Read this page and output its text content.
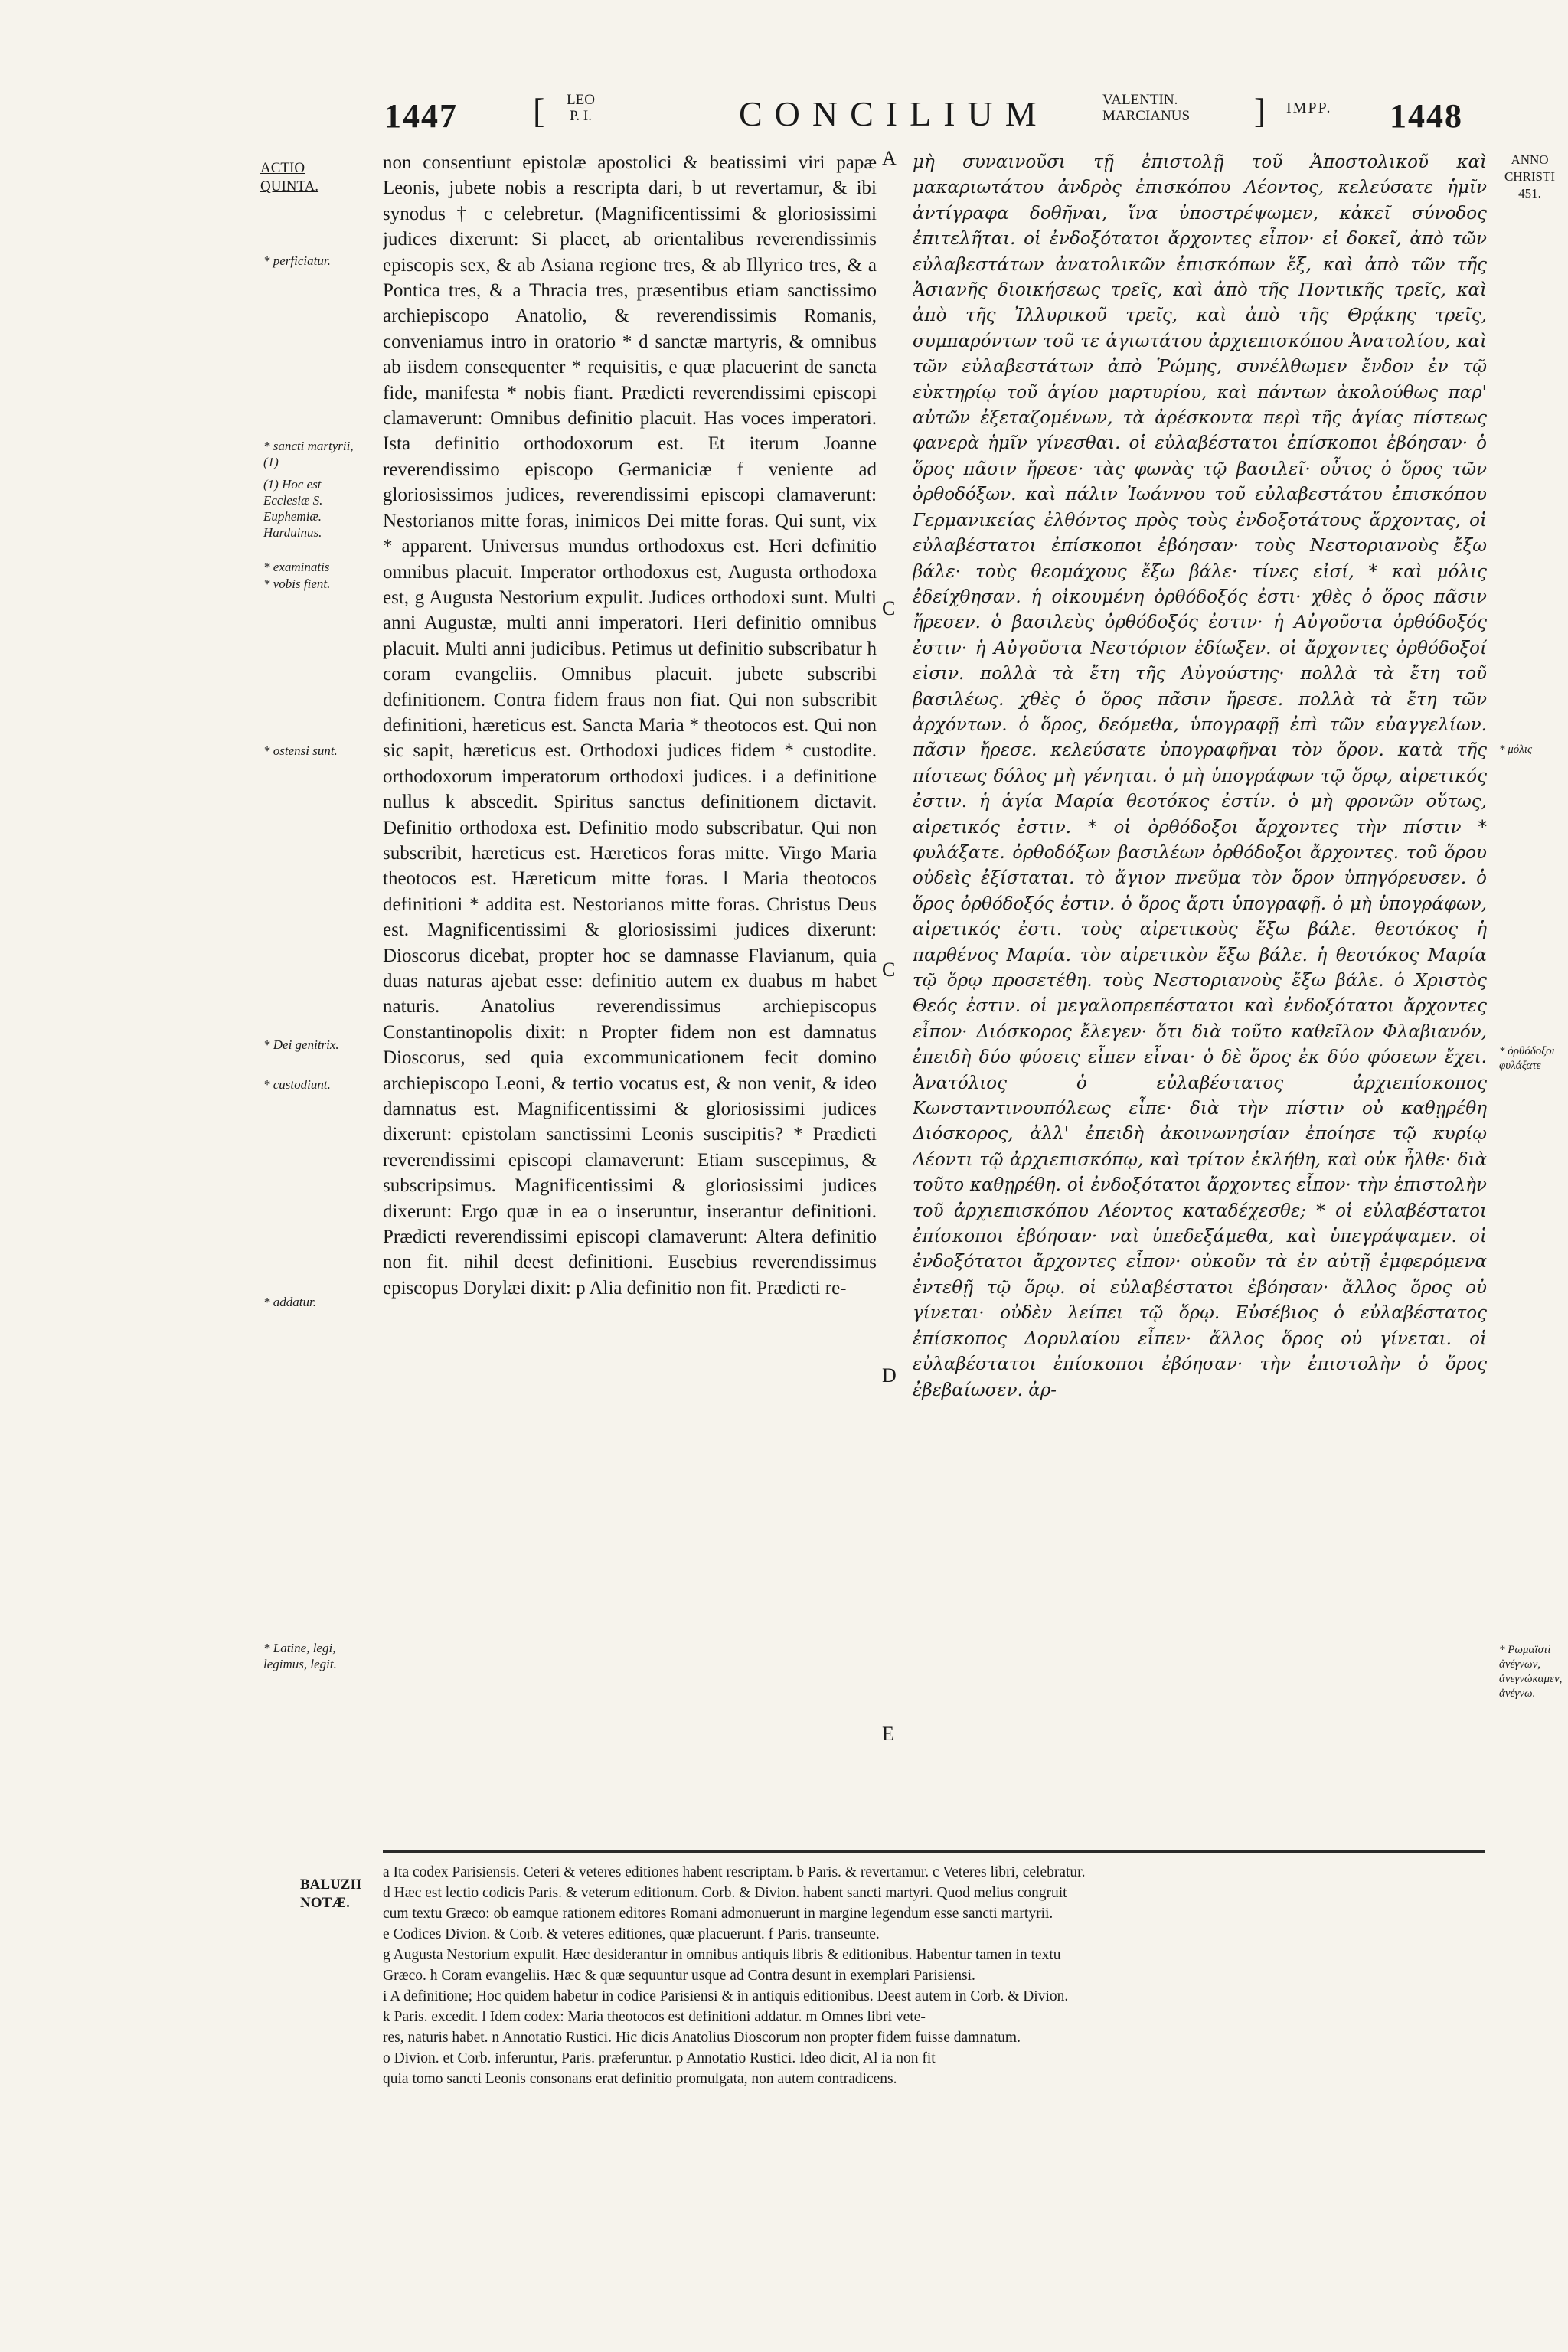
1447 [ LEO
P. I.	CONCILIUM	VALENTIN.
MARCIANUS ] IMPP. 1448
ACTIO
QUINTA.
ANNO
CHRISTI
451.
* perficiatur.
* sancti martyrii, (1)
(1) Hoc est Ecclesiæ S. Euphemiæ. Harduinus.
* examinatis
* vobis fient.
* ostensi sunt.
* Dei genitrix.
* custodiunt.
* addatur.
* Latine, legi, legimus, legit.
* μόλις
* ὀρθόδοξοι φυλάξατε
* Ρωμαϊστὶ ἀνέγνων, ἀνεγνώκαμεν, ἀνέγνω.
A
C
C
D
E

non consentiunt epistolæ apostolici & beatissimi viri papæ Leonis, jubete nobis a rescripta dari, b ut revertamur, & ibi synodus † c celebretur. (Magnificentissimi & gloriosissimi judices dixerunt: Si placet, ab orientalibus reverendissimis episcopis sex, & ab Asiana regione tres, & ab Illyrico tres, & a Pontica tres, & a Thracia tres, præsentibus etiam sanctissimo archiepiscopo Anatolio, & reverendissimis Romanis, conveniamus intro in oratorio * d sanctæ martyris, & omnibus ab iisdem consequenter * requisitis, e quæ placuerint de sancta fide, manifesta * nobis fiant. Prædicti reverendissimi episcopi clamaverunt: Omnibus definitio placuit. Has voces imperatori. Ista definitio orthodoxorum est. Et iterum Joanne reverendissimo episcopo Germaniciæ f veniente ad gloriosissimos judices, reverendissimi episcopi clamaverunt: Nestorianos mitte foras, inimicos Dei mitte foras. Qui sunt, vix * apparent. Universus mundus orthodoxus est. Heri definitio omnibus placuit. Imperator orthodoxus est, Augusta orthodoxa est, g Augusta Nestorium expulit. Judices orthodoxi sunt. Multi anni Augustæ, multi anni imperatori. Heri definitio omnibus placuit. Multi anni judicibus. Petimus ut definitio subscribatur h coram evangeliis. Omnibus placuit. jubete subscribi definitionem. Contra fidem fraus non fiat. Qui non subscribit definitioni, hæreticus est. Sancta Maria * theotocos est. Qui non sic sapit, hæreticus est. Orthodoxi judices fidem * custodite. orthodoxorum imperatorum orthodoxi judices. i a definitione nullus k abscedit. Spiritus sanctus definitionem dictavit. Definitio orthodoxa est. Definitio modo subscribatur. Qui non subscribit, hæreticus est. Hæreticos foras mitte. Virgo Maria theotocos est. Hæreticum mitte foras. l Maria theotocos definitioni * addita est. Nestorianos mitte foras. Christus Deus est. Magnificentissimi & gloriosissimi judices dixerunt: Dioscorus dicebat, propter hoc se damnasse Flavianum, quia duas naturas ajebat esse: definitio autem ex duabus m habet naturis. Anatolius reverendissimus archiepiscopus Constantinopolis dixit: n Propter fidem non est damnatus Dioscorus, sed quia excommunicationem fecit domino archiepiscopo Leoni, & tertio vocatus est, & non venit, & ideo damnatus est. Magnificentissimi & gloriosissimi judices dixerunt: epistolam sanctissimi Leonis suscipitis? * Prædicti reverendissimi episcopi clamaverunt: Etiam suscepimus, & subscripsimus. Magnificentissimi & gloriosissimi judices dixerunt: Ergo quæ in ea o inseruntur, inserantur definitioni. Prædicti reverendissimi episcopi clamaverunt: Altera definitio non fit. nihil deest definitioni. Eusebius reverendissimus episcopus Dorylæi dixit: p Alia definitio non fit. Prædicti re-

μὴ συναινοῦσι τῇ ἐπιστολῇ τοῦ Ἀποστολικοῦ καὶ μακαριωτάτου ἀνδρὸς ἐπισκόπου Λέοντος, κελεύσατε ἡμῖν ἀντίγραφα δοθῆναι, ἵνα ὑποστρέψωμεν, κἀκεῖ σύνοδος ἐπιτελῆται. οἱ ἐνδοξότατοι ἄρχοντες εἶπον· εἰ δοκεῖ, ἀπὸ τῶν εὐλαβεστάτων ἀνατολικῶν ἐπισκόπων ἕξ, καὶ ἀπὸ τῶν τῆς Ἀσιανῆς διοικήσεως τρεῖς, καὶ ἀπὸ τῆς Ποντικῆς τρεῖς, καὶ ἀπὸ τῆς Ἰλλυρικοῦ τρεῖς, καὶ ἀπὸ τῆς Θρᾴκης τρεῖς, συμπαρόντων τοῦ τε ἁγιωτάτου ἀρχιεπισκόπου Ἀνατολίου, καὶ τῶν εὐλαβεστάτων ἀπὸ Ῥώμης, συνέλθωμεν ἔνδον ἐν τῷ εὐκτηρίῳ τοῦ ἁγίου μαρτυρίου, καὶ πάντων ἀκολούθως παρ' αὐτῶν ἐξεταζομένων, τὰ ἀρέσκοντα περὶ τῆς ἁγίας πίστεως φανερὰ ἡμῖν γίνεσθαι. οἱ εὐλαβέστατοι ἐπίσκοποι ἐβόησαν· ὁ ὅρος πᾶσιν ἤρεσε· τὰς φωνὰς τῷ βασιλεῖ· οὗτος ὁ ὅρος τῶν ὀρθοδόξων. καὶ πάλιν Ἰωάννου τοῦ εὐλαβεστάτου ἐπισκόπου Γερμανικείας ἐλθόντος πρὸς τοὺς ἐνδοξοτάτους ἄρχοντας, οἱ εὐλαβέστατοι ἐπίσκοποι ἐβόησαν· τοὺς Νεστοριανοὺς ἔξω βάλε· τοὺς θεομάχους ἔξω βάλε· τίνες εἰσί, * καὶ μόλις ἐδείχθησαν. ἡ οἰκουμένη ὀρθόδοξός ἐστι· χθὲς ὁ ὅρος πᾶσιν ἤρεσεν. ὁ βασιλεὺς ὀρθόδοξός ἐστιν· ἡ Αὐγοῦστα ὀρθόδοξός ἐστιν· ἡ Αὐγοῦστα Νεστόριον ἐδίωξεν. οἱ ἄρχοντες ὀρθόδοξοί εἰσιν. πολλὰ τὰ ἔτη τῆς Αὐγούστης· πολλὰ τὰ ἔτη τοῦ βασιλέως. χθὲς ὁ ὅρος πᾶσιν ἤρεσε. πολλὰ τὰ ἔτη τῶν ἀρχόντων. ὁ ὅρος, δεόμεθα, ὑπογραφῇ ἐπὶ τῶν εὐαγγελίων. πᾶσιν ἤρεσε. κελεύσατε ὑπογραφῆναι τὸν ὅρον. κατὰ τῆς πίστεως δόλος μὴ γένηται. ὁ μὴ ὑπογράφων τῷ ὅρῳ, αἱρετικός ἐστιν. ἡ ἁγία Μαρία θεοτόκος ἐστίν. ὁ μὴ φρονῶν οὕτως, αἱρετικός ἐστιν. * οἱ ὀρθόδοξοι ἄρχοντες τὴν πίστιν * φυλάξατε. ὀρθοδόξων βασιλέων ὀρθόδοξοι ἄρχοντες. τοῦ ὅρου οὐδεὶς ἐξίσταται. τὸ ἅγιον πνεῦμα τὸν ὅρον ὑπηγόρευσεν. ὁ ὅρος ὀρθόδοξός ἐστιν. ὁ ὅρος ἄρτι ὑπογραφῇ. ὁ μὴ ὑπογράφων, αἱρετικός ἐστι. τοὺς αἱρετικοὺς ἔξω βάλε. θεοτόκος ἡ παρθένος Μαρία. τὸν αἱρετικὸν ἔξω βάλε. ἡ θεοτόκος Μαρία τῷ ὅρῳ προσετέθη. τοὺς Νεστοριανοὺς ἔξω βάλε. ὁ Χριστὸς Θεός ἐστιν. οἱ μεγαλοπρεπέστατοι καὶ ἐνδοξότατοι ἄρχοντες εἶπον· Διόσκορος ἔλεγεν· ὅτι διὰ τοῦτο καθεῖλον Φλαβιανόν, ἐπειδὴ δύο φύσεις εἶπεν εἶναι· ὁ δὲ ὅρος ἐκ δύο φύσεων ἔχει. Ἀνατόλιος ὁ εὐλαβέστατος ἀρχιεπίσκοπος Κωνσταντινουπόλεως εἶπε· διὰ τὴν πίστιν οὐ καθῃρέθη Διόσκορος, ἀλλ' ἐπειδὴ ἀκοινωνησίαν ἐποίησε τῷ κυρίῳ Λέοντι τῷ ἀρχιεπισκόπῳ, καὶ τρίτον ἐκλήθη, καὶ οὐκ ἦλθε· διὰ τοῦτο καθῃρέθη. οἱ ἐνδοξότατοι ἄρχοντες εἶπον· τὴν ἐπιστολὴν τοῦ ἀρχιεπισκόπου Λέοντος καταδέχεσθε; * οἱ εὐλαβέστατοι ἐπίσκοποι ἐβόησαν· ναὶ ὑπεδεξάμεθα, καὶ ὑπεγράψαμεν. οἱ ἐνδοξότατοι ἄρχοντες εἶπον· οὐκοῦν τὰ ἐν αὐτῇ ἐμφερόμενα ἐντεθῇ τῷ ὅρῳ. οἱ εὐλαβέστατοι ἐβόησαν· ἄλλος ὅρος οὐ γίνεται· οὐδὲν λείπει τῷ ὅρῳ. Εὐσέβιος ὁ εὐλαβέστατος ἐπίσκοπος Δορυλαίου εἶπεν· ἄλλος ὅρος οὐ γίνεται. οἱ εὐλαβέστατοι ἐπίσκοποι ἐβόησαν· τὴν ἐπιστολὴν ὁ ὅρος ἐβεβαίωσεν. ἀρ-

BALUZII
NOTÆ.
a Ita codex Parisiensis. Ceteri & veteres editiones habent rescriptam. b Paris. & revertamur. c Veteres libri, celebratur.
d Hæc est lectio codicis Paris. & veterum editionum. Corb. & Divion. habent sancti martyri. Quod melius congruit
cum textu Græco: ob eamque rationem editores Romani admonuerunt in margine legendum esse sancti martyrii.
e Codices Divion. & Corb. & veteres editiones, quæ placuerunt. f Paris. transeunte.
g Augusta Nestorium expulit. Hæc desiderantur in omnibus antiquis libris & editionibus. Habentur tamen in textu
Græco. h Coram evangeliis. Hæc & quæ sequuntur usque ad Contra desunt in exemplari Parisiensi.
i A definitione; Hoc quidem habetur in codice Parisiensi & in antiquis editionibus. Deest autem in Corb. & Divion.
k Paris. excedit. l Idem codex: Maria theotocos est definitioni addatur. m Omnes libri vete-
res, naturis habet. n Annotatio Rustici. Hic dicis Anatolius Dioscorum non propter fidem fuisse damnatum.
o Divion. et Corb. inferuntur, Paris. præferuntur. p Annotatio Rustici. Ideo dicit, Al ia non fit
quia tomo sancti Leonis consonans erat definitio promulgata, non autem contradicens.
